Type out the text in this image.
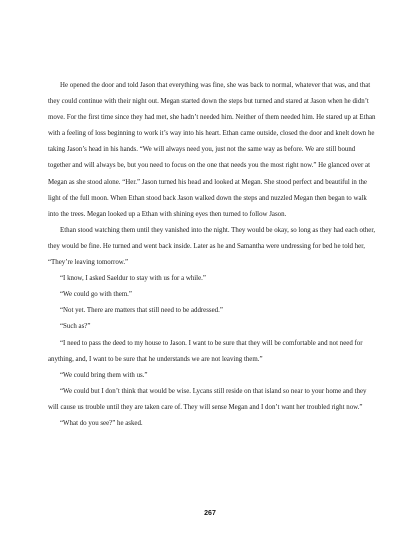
He opened the door and told Jason that everything was fine, she was back to normal, whatever that was, and that they could continue with their night out. Megan started down the steps but turned and stared at Jason when he didn’t move. For the first time since they had met, she hadn’t needed him. Neither of them needed him. He stared up at Ethan with a feeling of loss beginning to work it’s way into his heart. Ethan came outside, closed the door and knelt down he taking Jason’s head in his hands. “We will always need you, just not the same way as before. We are still bound together and will always be, but you need to focus on the one that needs you the most right now.” He glanced over at Megan as she stood alone. “Her.” Jason turned his head and looked at Megan. She stood perfect and beautiful in the light of the full moon. When Ethan stood back Jason walked down the steps and nuzzled Megan then began to walk into the trees. Megan looked up a Ethan with shining eyes then turned to follow Jason.

Ethan stood watching them until they vanished into the night. They would be okay, so long as they had each other, they would be fine. He turned and went back inside. Later as he and Samantha were undressing for bed he told her, “They’re leaving tomorrow.”

“I know, I asked Saeldur to stay with us for a while.”

“We could go with them.”

“Not yet. There are matters that still need to be addressed.”

“Such as?”

“I need to pass the deed to my house to Jason. I want to be sure that they will be comfortable and not need for anything, and, I want to be sure that he understands we are not leaving them.”

“We could bring them with us.”

“We could but I don’t think that would be wise. Lycans still reside on that island so near to your home and they will cause us trouble until they are taken care of. They will sense Megan and I don’t want her troubled right now.”

“What do you see?” he asked.

267
